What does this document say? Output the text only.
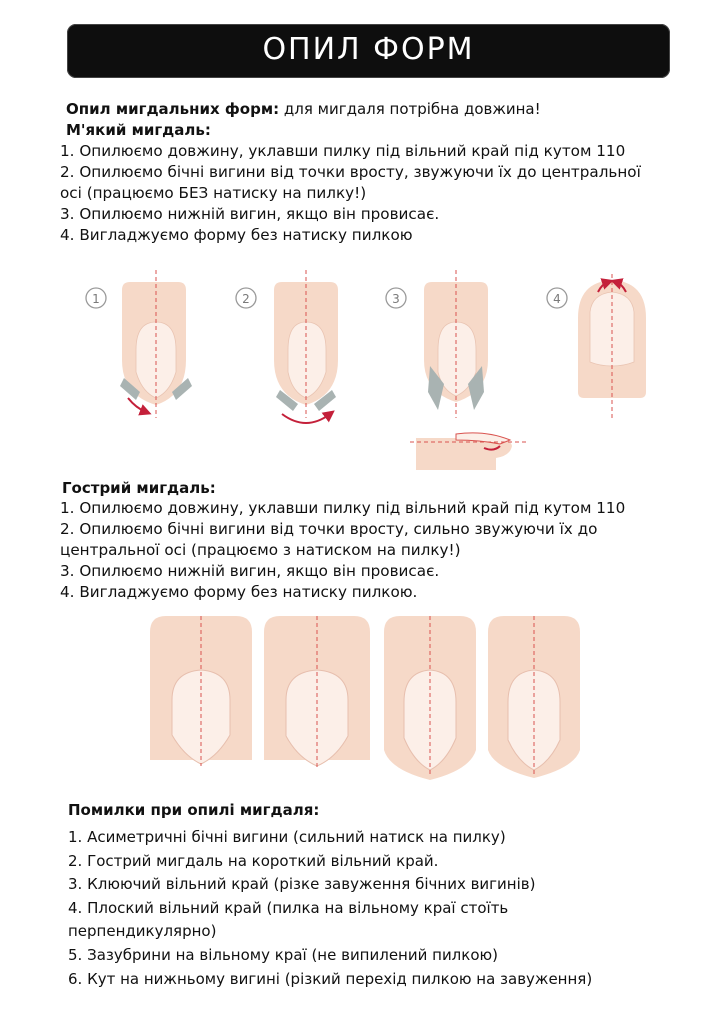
ОПИЛ ФОРМ

Опил мигдальних форм: для мигдаля потрібна довжина!

М'який мигдаль:

1. Опилюємо довжину, уклавши пилку під вільний край під кутом 110

2. Опилюємо бічні вигини від точки вросту, звужуючи їх до центральної

осі (працюємо БЕЗ натиску на пилку!)

3. Опилюємо нижній вигин, якщо він провисає.

4. Вигладжуємо форму без натиску пилкою

1	2	3	4

Гострий мигдаль:

1. Опилюємо довжину, уклавши пилку під вільний край під кутом 110

2. Опилюємо бічні вигини від точки вросту, сильно звужуючи їх до

центральної осі (працюємо з натиском на пилку!)

3. Опилюємо нижній вигин, якщо він провисає.

4. Вигладжуємо форму без натиску пилкою.

Помилки при опилі мигдаля:

1. Асиметричні бічні вигини (сильний натиск на пилку)

2. Гострий мигдаль на короткий вільний край.

3. Клюючий вільний край (різке завуження бічних вигинів)

4. Плоский вільний край (пилка на вільному краї стоїть

перпендикулярно)

5. Зазубрини на вільному краї (не випилений пилкою)

6. Кут на нижньому вигині (різкий перехід пилкою на завуження)
